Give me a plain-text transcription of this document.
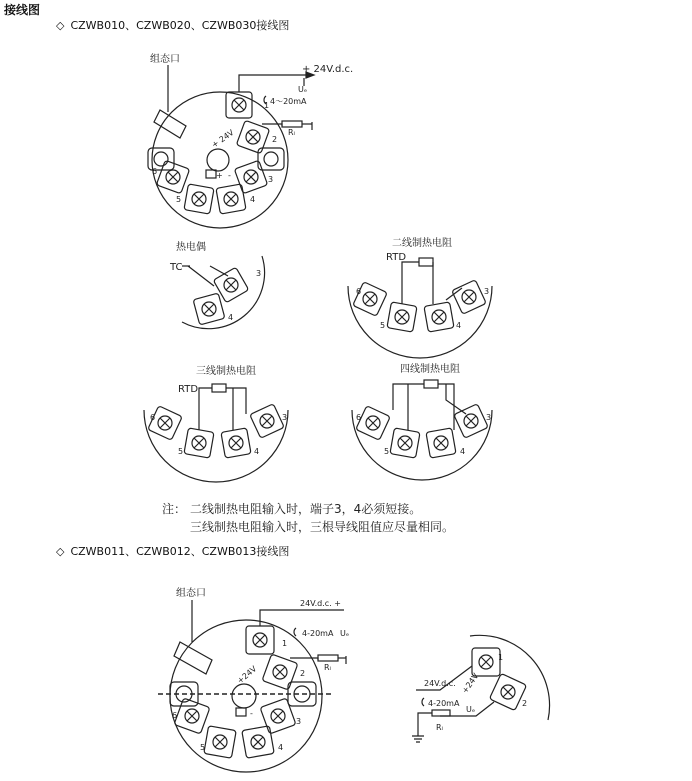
接线图
◇ CZWB010、CZWB020、CZWB030接线图
◇ CZWB011、CZWB012、CZWB013接线图
组态口
+ 24V.d.c.
Uₑ
4～20mA
Rₗ
+ 24V
+ -
1
2
3
4
5
6
热电偶
TC
3
4
二线制热电阻
RTD
6
5	4
3
三线制热电阻
RTD
6
5	4
3
四线制热电阻
6
5	4
3
注： 二线制热电阻输入时，端子3，4必须短接。
三线制热电阻输入时，三根导线阻值应尽量相同。
组态口
24V.d.c. +
4-20mA Uₑ
Rₗ
+24V
-
1
2
3
4
5
6
24V.d.c.
4-20mA
Uₑ
Rₗ
+24V
1
2
